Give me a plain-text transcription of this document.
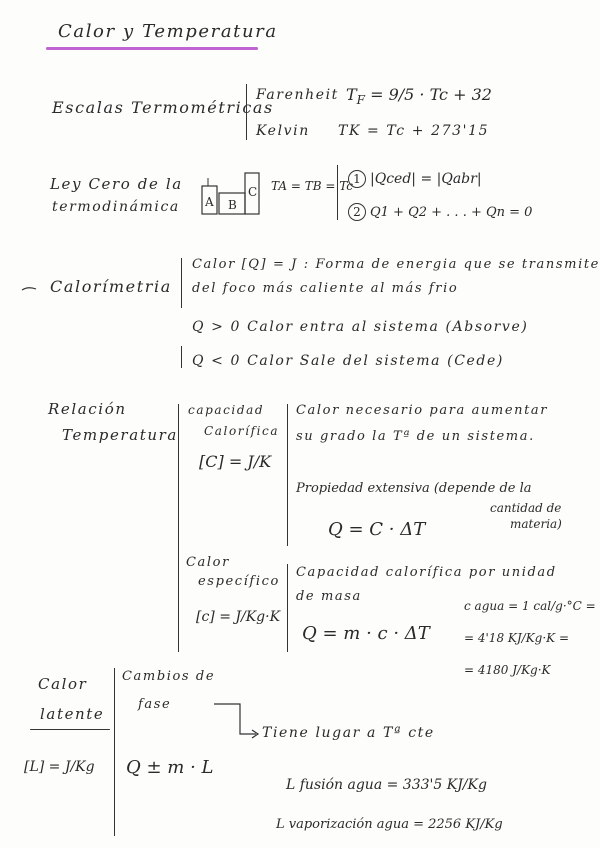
Calor y Temperatura
Escalas Termométricas
Farenheit $T_F = 9/5 \cdot Tc + 32$
Kelvin TK = Tc + 273'15
Ley Cero de la
termodinámica A B
C TA = TB = Tc 1 |Qced| = |Qabr|
2 Q1 + Q2 + . . . + Qn = 0
Calorímetria
Calor [Q] = J : Forma de energia que se transmite
del foco más caliente al más frio
Q > 0 Calor entra al sistema (Absorve)
Q < 0 Calor Sale del sistema (Cede)
Relación
Temperatura
capacidad
Calorífica
[C] = J/K
Calor necesario para aumentar
su grado la Tª de un sistema.
Propiedad extensiva (depende de la
cantidad de
materia)
Q = C · ΔT
Calor
específico
[c] = J/Kg·K
Capacidad calorífica por unidad
de masa
Q = m · c · ΔT
c agua = 1 cal/g·°C =
= 4'18 KJ/Kg·K =
= 4180 J/Kg·K
Calor
latente
[L] = J/Kg
Cambios de
fase
Tiene lugar a Tª cte
Q ± m · L
L fusión agua = 333'5 KJ/Kg
L vaporización agua = 2256 KJ/Kg
